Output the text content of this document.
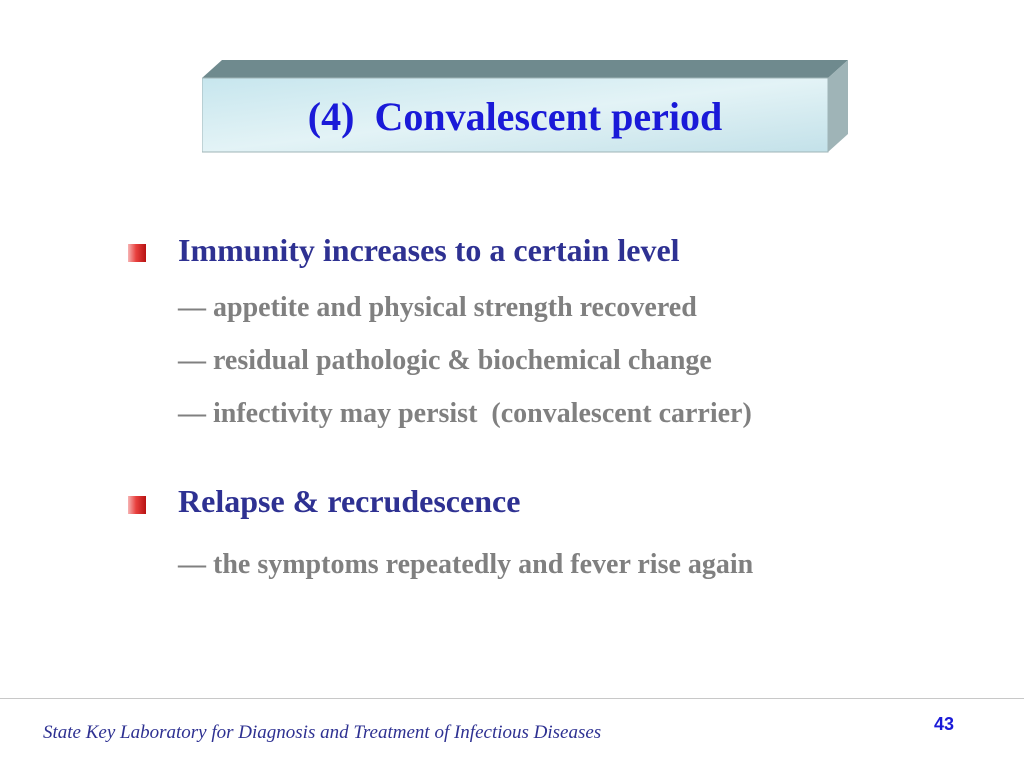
(4)  Convalescent period
Immunity increases to a certain level
— appetite and physical strength recovered
— residual pathologic & biochemical change
— infectivity may persist  (convalescent carrier)
Relapse & recrudescence
— the symptoms repeatedly and fever rise again
State Key Laboratory for Diagnosis and Treatment of Infectious Diseases	43
